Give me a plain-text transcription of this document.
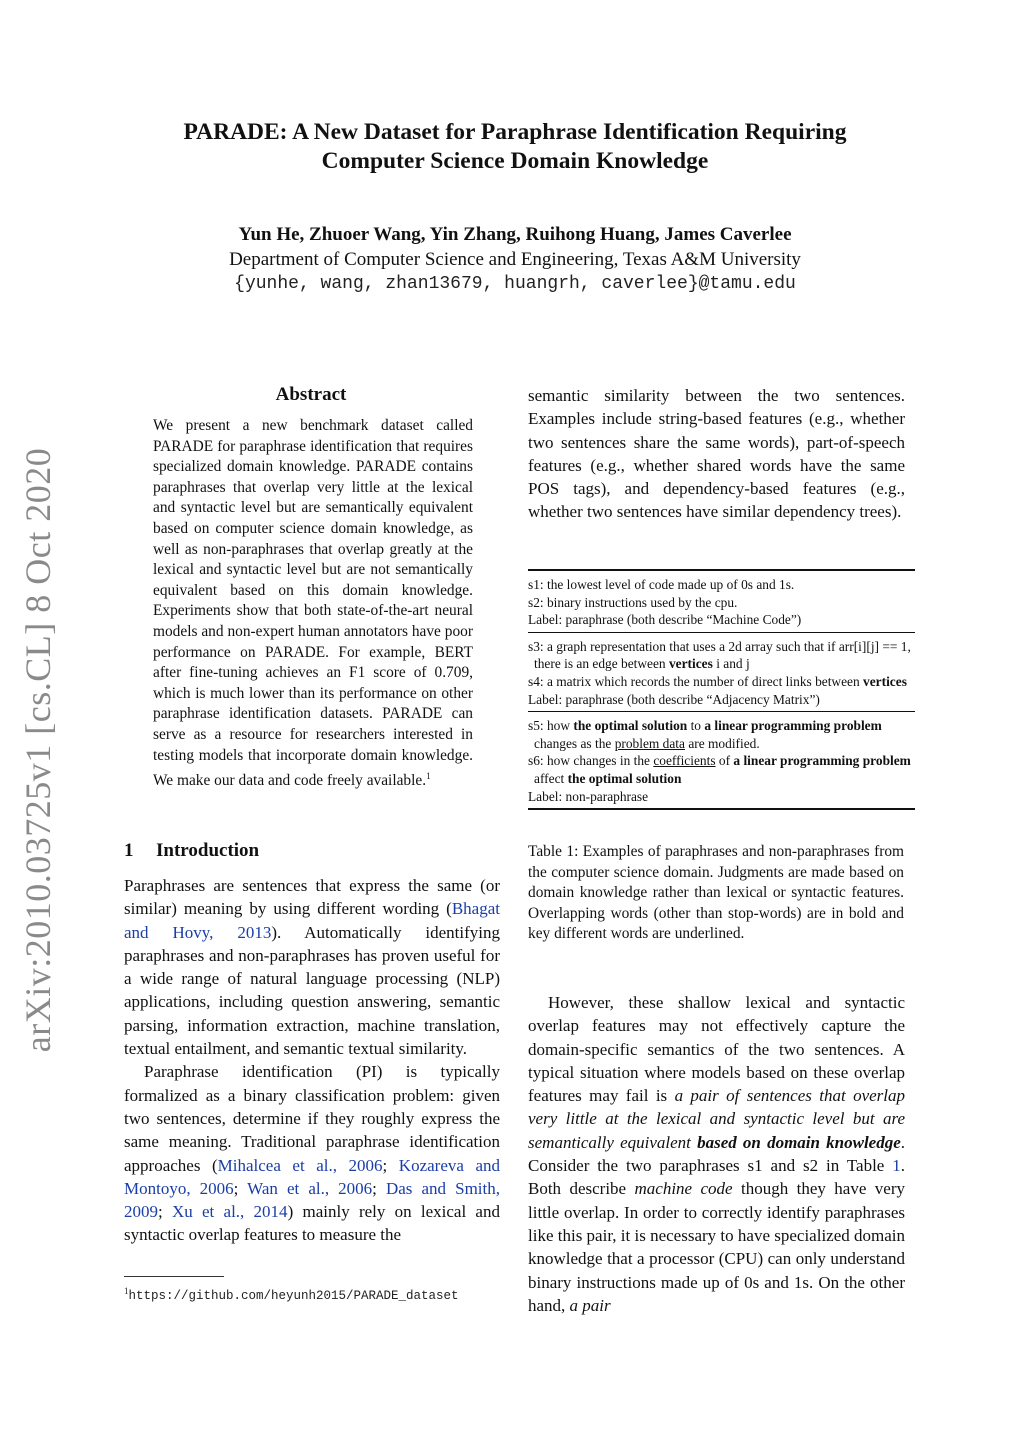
arXiv:2010.03725v1 [cs.CL] 8 Oct 2020
PARADE: A New Dataset for Paraphrase Identification Requiring
Computer Science Domain Knowledge
Yun He, Zhuoer Wang, Yin Zhang, Ruihong Huang, James Caverlee
Department of Computer Science and Engineering, Texas A&M University
{yunhe, wang, zhan13679, huangrh, caverlee}@tamu.edu
Abstract
We present a new benchmark dataset called PARADE for paraphrase identification that requires specialized domain knowledge. PARADE contains paraphrases that overlap very little at the lexical and syntactic level but are semantically equivalent based on computer science domain knowledge, as well as non-paraphrases that overlap greatly at the lexical and syntactic level but are not semantically equivalent based on this domain knowledge. Experiments show that both state-of-the-art neural models and non-expert human annotators have poor performance on PARADE. For example, BERT after fine-tuning achieves an F1 score of 0.709, which is much lower than its performance on other paraphrase identification datasets. PARADE can serve as a resource for researchers interested in testing models that incorporate domain knowledge. We make our data and code freely available.$^1$
1 Introduction

Paraphrases are sentences that express the same (or similar) meaning by using different wording (Bhagat and Hovy, 2013). Automatically identifying paraphrases and non-paraphrases has proven useful for a wide range of natural language processing (NLP) applications, including question answering, semantic parsing, information extraction, machine translation, textual entailment, and semantic textual similarity.

Paraphrase identification (PI) is typically formalized as a binary classification problem: given two sentences, determine if they roughly express the same meaning. Traditional paraphrase identification approaches (Mihalcea et al., 2006; Kozareva and Montoyo, 2006; Wan et al., 2006; Das and Smith, 2009; Xu et al., 2014) mainly rely on lexical and syntactic overlap features to measure the

$^1$https://github.com/heyunh2015/PARADE_dataset
semantic similarity between the two sentences. Examples include string-based features (e.g., whether two sentences share the same words), part-of-speech features (e.g., whether shared words have the same POS tags), and dependency-based features (e.g., whether two sentences have similar dependency trees).
s1: the lowest level of code made up of 0s and 1s.
s2: binary instructions used by the cpu.
Label: paraphrase (both describe “Machine Code”)
s3: a graph representation that uses a 2d array such that if arr[i][j] == 1, there is an edge between vertices i and j
s4: a matrix which records the number of direct links between vertices
Label: paraphrase (both describe “Adjacency Matrix”)
s5: how the optimal solution to a linear programming problem changes as the problem data are modified.
s6: how changes in the coefficients of a linear programming problem affect the optimal solution
Label: non-paraphrase
Table 1: Examples of paraphrases and non-paraphrases from the computer science domain. Judgments are made based on domain knowledge rather than lexical or syntactic features. Overlapping words (other than stop-words) are in bold and key different words are underlined.

However, these shallow lexical and syntactic overlap features may not effectively capture the domain-specific semantics of the two sentences. A typical situation where models based on these overlap features may fail is a pair of sentences that overlap very little at the lexical and syntactic level but are semantically equivalent based on domain knowledge. Consider the two paraphrases s1 and s2 in Table 1. Both describe machine code though they have very little overlap. In order to correctly identify paraphrases like this pair, it is necessary to have specialized domain knowledge that a processor (CPU) can only understand binary instructions made up of 0s and 1s. On the other hand, a pair
